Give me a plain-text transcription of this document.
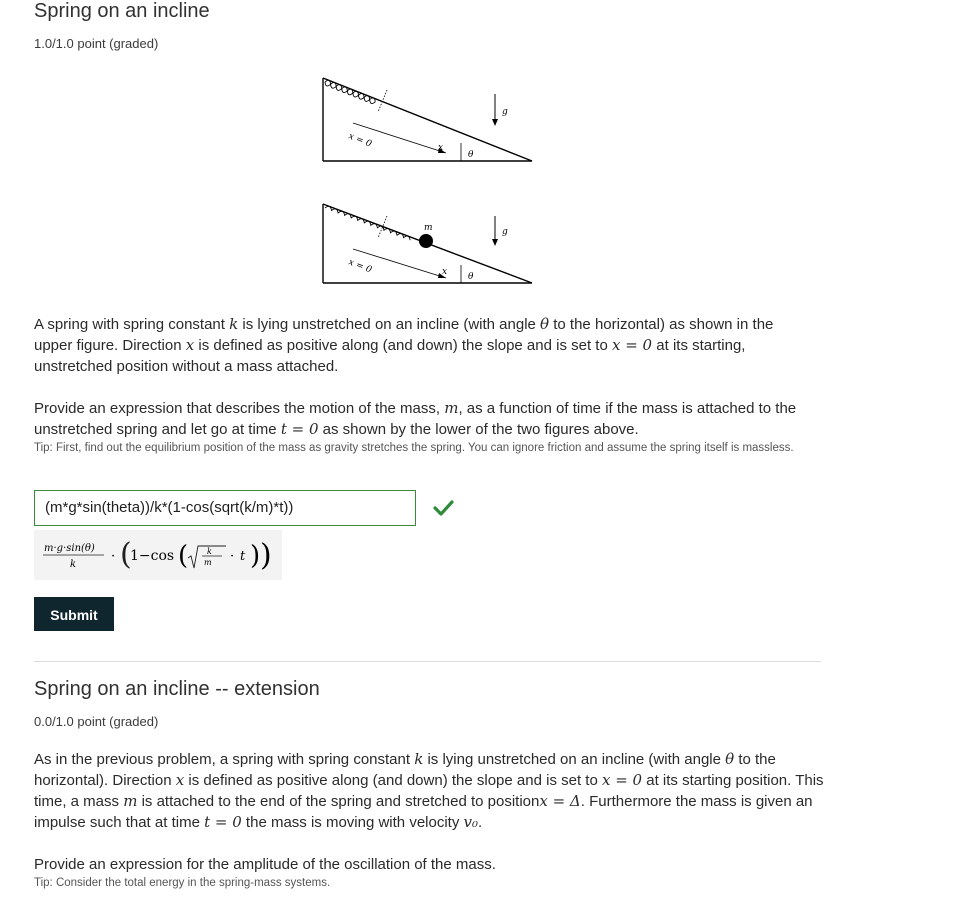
Spring on an incline
1.0/1.0 point (graded)
x = 0	x
θ
g
m
x = 0	x θ
g

A spring with spring constant k is lying unstretched on an incline (with angle θ to the horizontal) as shown in the upper figure. Direction x is defined as positive along (and down) the slope and is set to x = 0 at its starting, unstretched position without a mass attached.

Provide an expression that describes the motion of the mass, m, as a function of time if the mass is attached to the unstretched spring and let go at time t = 0 as shown by the lower of the two figures above.

Tip: First, find out the equilibrium position of the mass as gravity stretches the spring. You can ignore friction and assume the spring itself is massless.

(m*g*sin(theta))/k*(1-cos(sqrt(k/m)*t))
m·g·sin(θ)
k
· (
1−cos ( k
m · t ) )
Submit
Spring on an incline -- extension
0.0/1.0 point (graded)

As in the previous problem, a spring with spring constant k is lying unstretched on an incline (with angle θ to the horizontal). Direction x is defined as positive along (and down) the slope and is set to x = 0 at its starting position. This time, a mass m is attached to the end of the spring and stretched to positionx = Δ. Furthermore the mass is given an impulse such that at time t = 0 the mass is moving with velocity v₀.

Provide an expression for the amplitude of the oscillation of the mass.

Tip: Consider the total energy in the spring-mass systems.
